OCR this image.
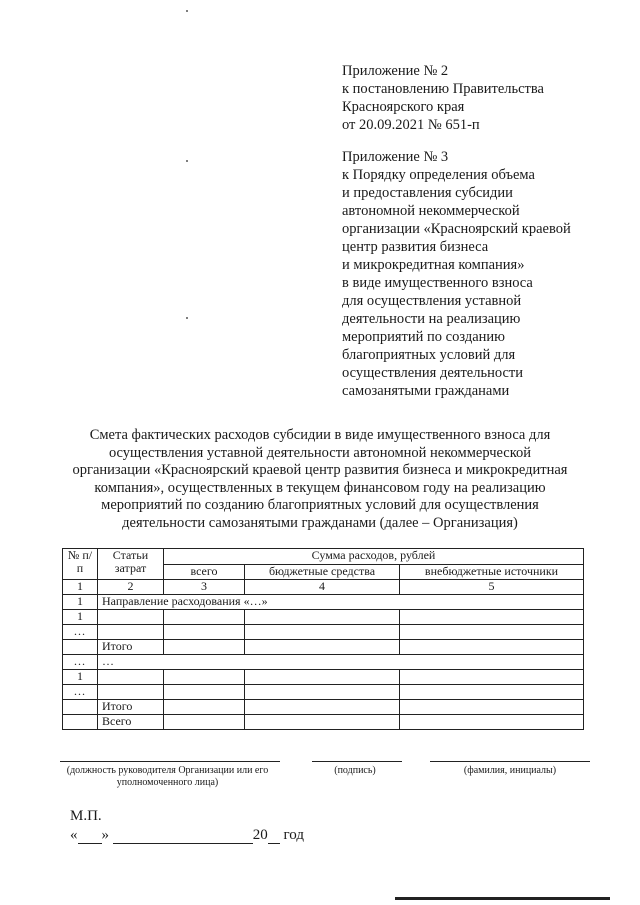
Приложение № 2
к постановлению Правительства
Красноярского края
от 20.09.2021 № 651-п
Приложение № 3
к Порядку определения объема
и предоставления субсидии
автономной некоммерческой
организации «Красноярский краевой
центр развития бизнеса
и микрокредитная компания»
в виде имущественного взноса
для осуществления уставной
деятельности на реализацию
мероприятий по созданию
благоприятных условий для
осуществления деятельности
самозанятыми гражданами
Смета фактических расходов субсидии в виде имущественного взноса для
осуществления уставной деятельности автономной некоммерческой
организации «Красноярский краевой центр развития бизнеса и микрокредитная
компания», осуществленных в текущем финансовом году на реализацию
мероприятий по созданию благоприятных условий для осуществления
деятельности самозанятыми гражданами (далее – Организация)
№ п/п	Статьи затрат	Сумма расходов, рублей		
		всего	бюджетные средства	внебюджетные источники
1	2	3	4	5
1	Направление расходования «…»			
1				
…				
	Итого			
…	…			
1				
…				
	Итого			
	Всего			
(должность руководителя Организации или его уполномоченного лица)
(подпись)	(фамилия, инициалы)
М.П.
« »	20 год
